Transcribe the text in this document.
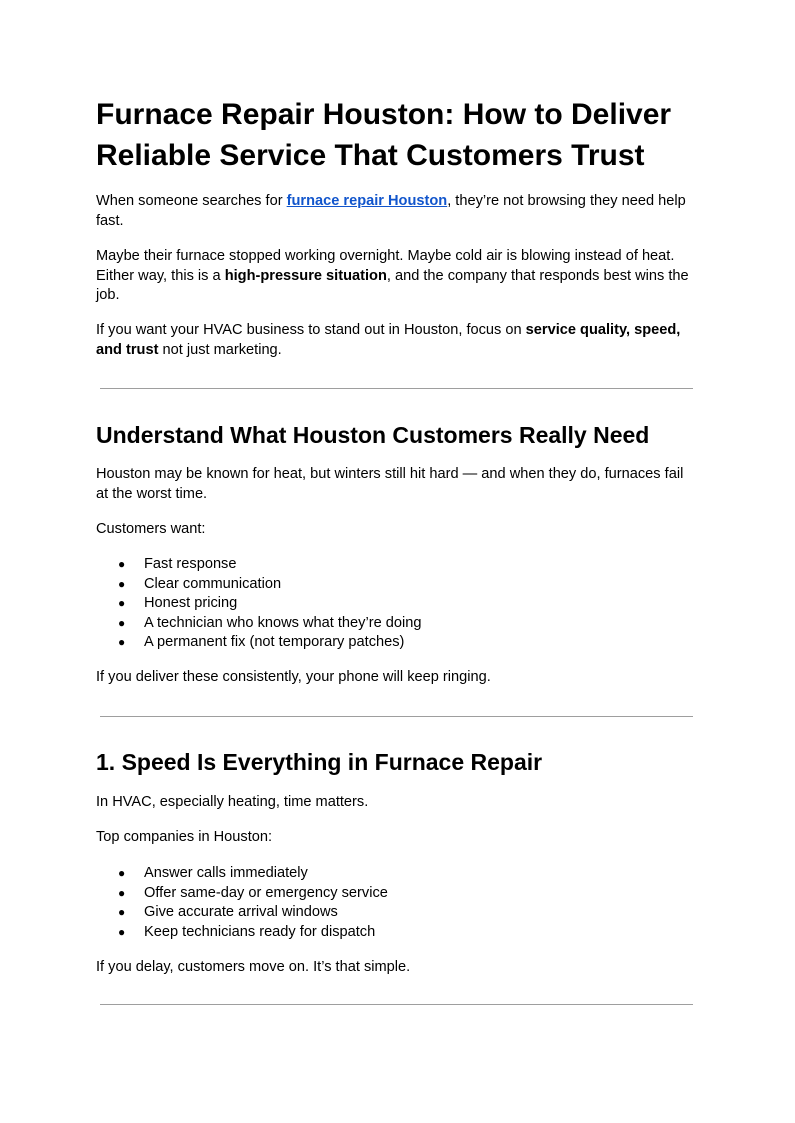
Furnace Repair Houston: How to Deliver Reliable Service That Customers Trust

When someone searches for furnace repair Houston, they’re not browsing they need help fast.

Maybe their furnace stopped working overnight. Maybe cold air is blowing instead of heat. Either way, this is a high-pressure situation, and the company that responds best wins the job.

If you want your HVAC business to stand out in Houston, focus on service quality, speed, and trust not just marketing.

Understand What Houston Customers Really Need

Houston may be known for heat, but winters still hit hard — and when they do, furnaces fail at the worst time.

Customers want:

● Fast response
● Clear communication
● Honest pricing
● A technician who knows what they’re doing
● A permanent fix (not temporary patches)

If you deliver these consistently, your phone will keep ringing.

1. Speed Is Everything in Furnace Repair

In HVAC, especially heating, time matters.

Top companies in Houston:

● Answer calls immediately
● Offer same-day or emergency service
● Give accurate arrival windows
● Keep technicians ready for dispatch

If you delay, customers move on. It’s that simple.
